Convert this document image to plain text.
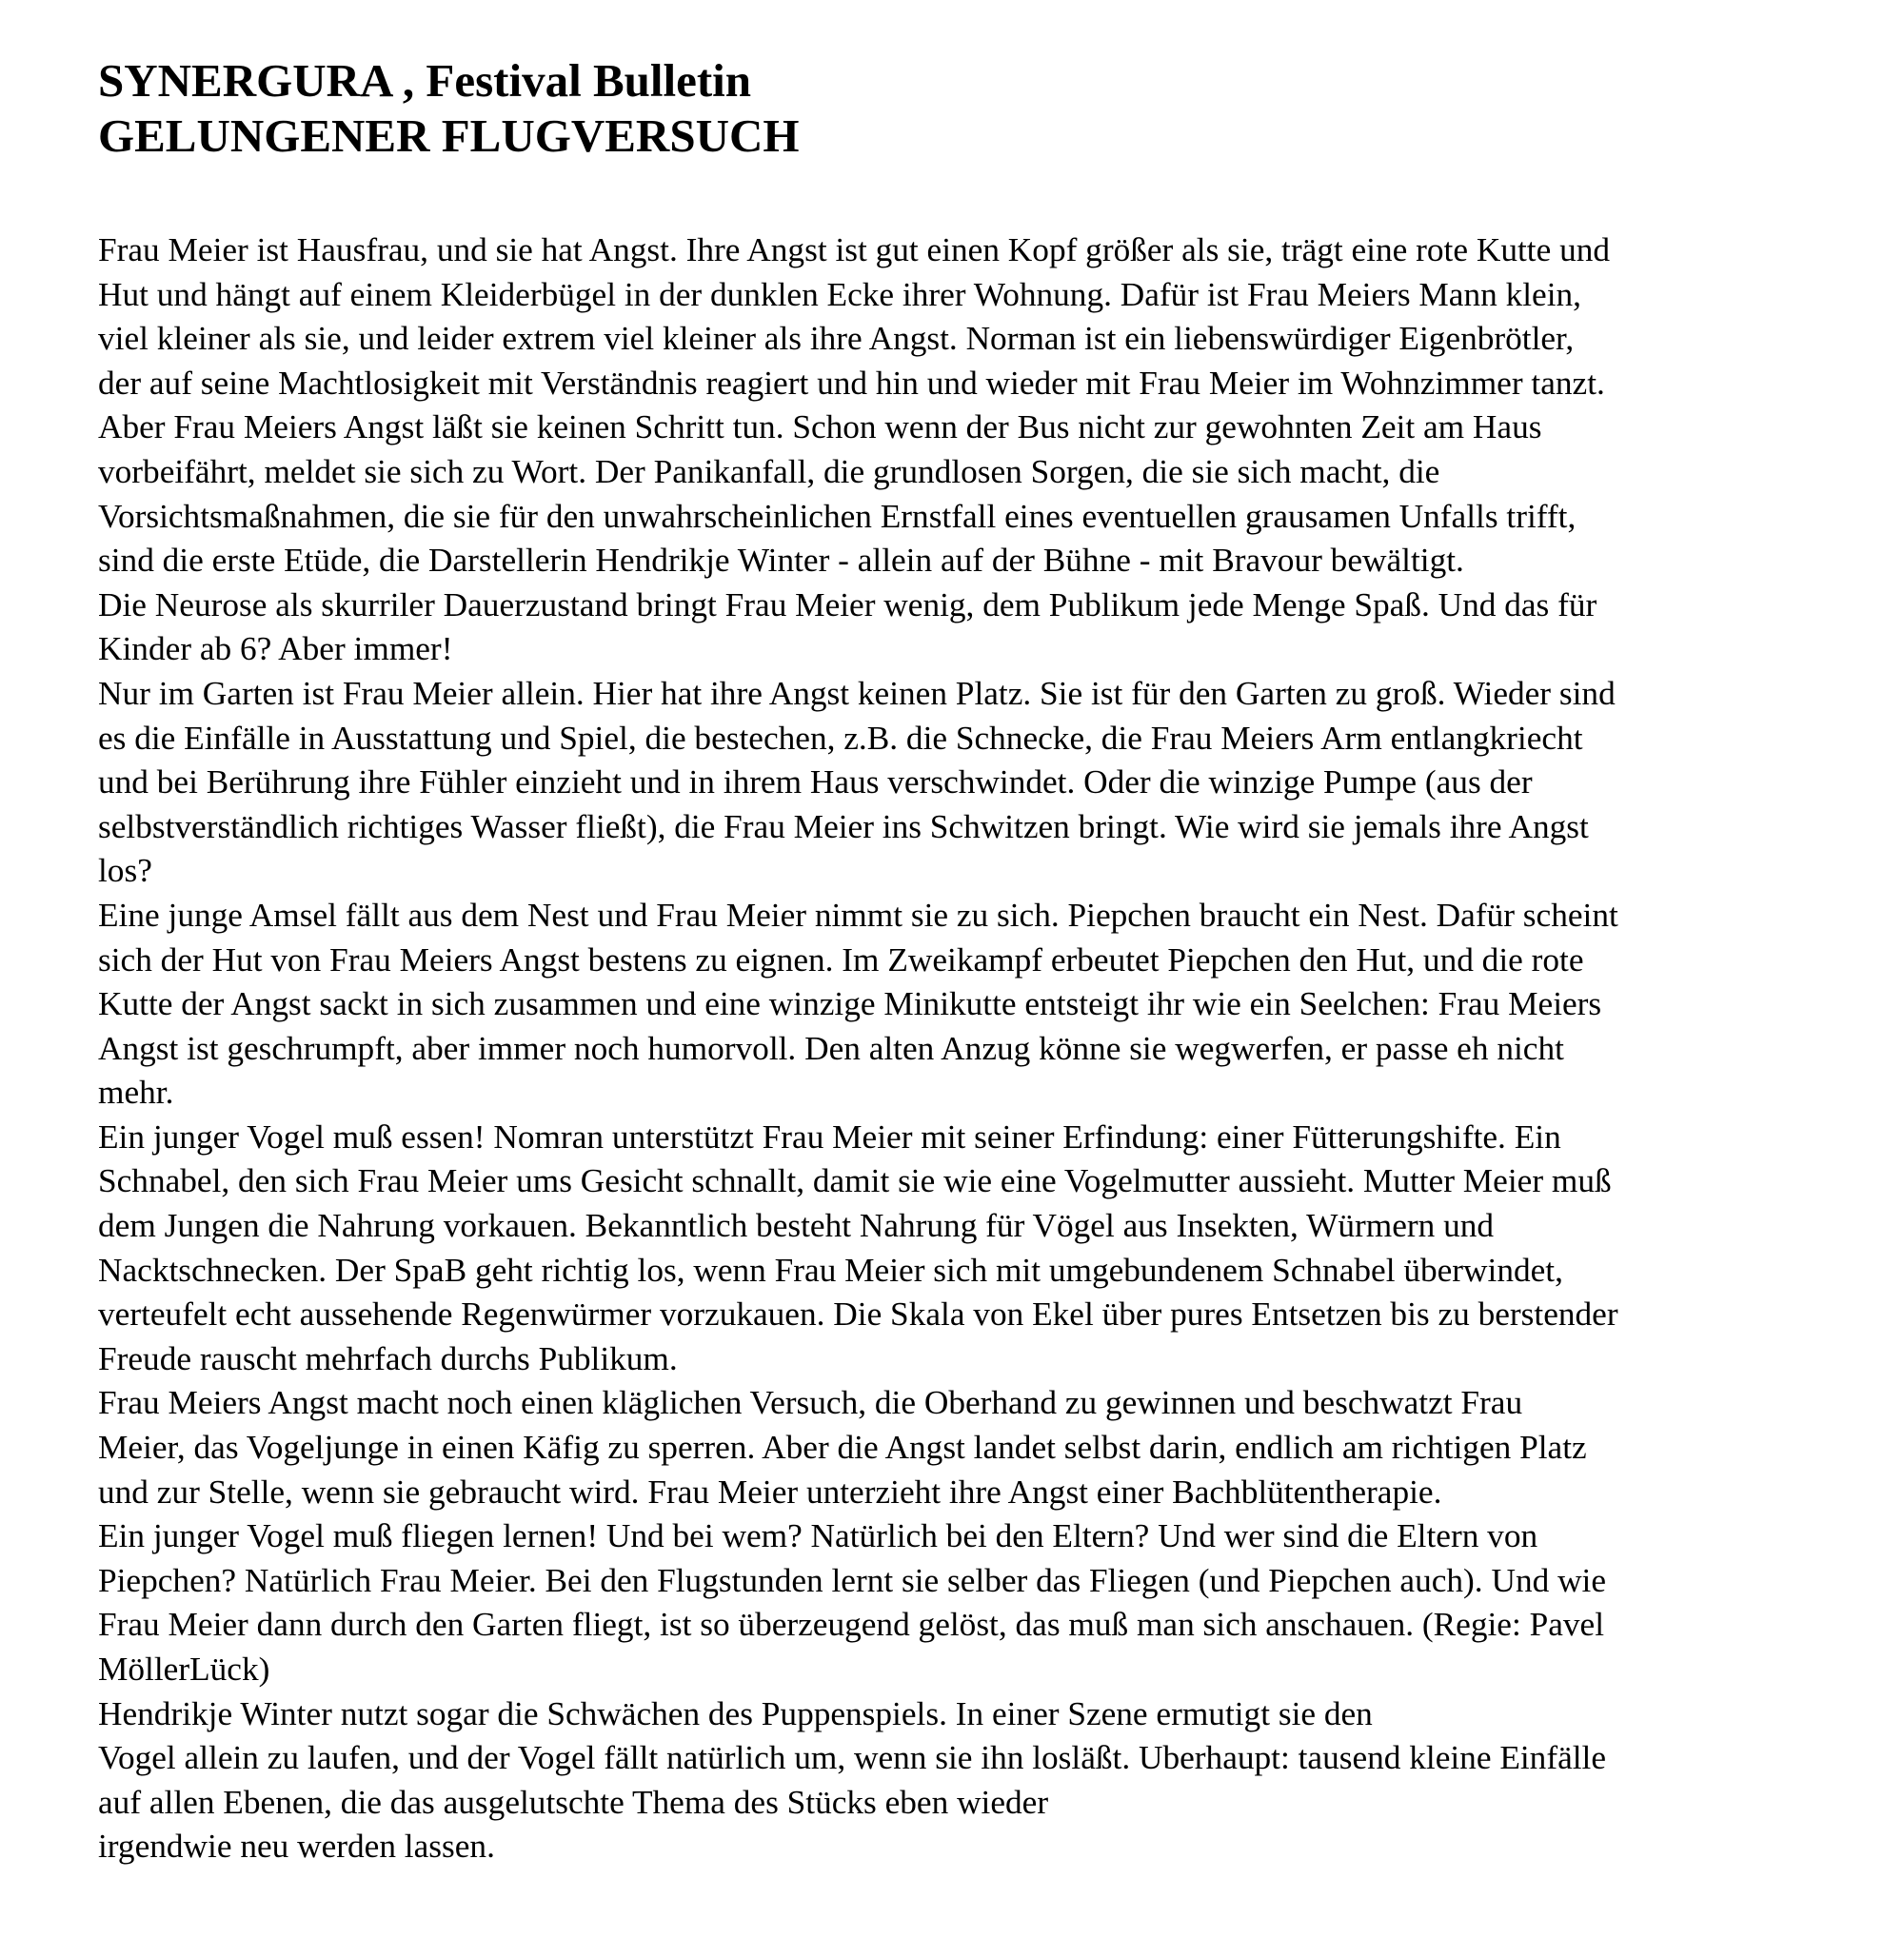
SYNERGURA , Festival Bulletin
GELUNGENER FLUGVERSUCH
Frau Meier ist Hausfrau, und sie hat Angst. Ihre Angst ist gut einen Kopf größer als sie, trägt eine rote Kutte und
Hut und hängt auf einem Kleiderbügel in der dunklen Ecke ihrer Wohnung. Dafür ist Frau Meiers Mann klein,
viel kleiner als sie, und leider extrem viel kleiner als ihre Angst. Norman ist ein liebenswürdiger Eigenbrötler,
der auf seine Machtlosigkeit mit Verständnis reagiert und hin und wieder mit Frau Meier im Wohnzimmer tanzt.
Aber Frau Meiers Angst läßt sie keinen Schritt tun. Schon wenn der Bus nicht zur gewohnten Zeit am Haus
vorbeifährt, meldet sie sich zu Wort. Der Panikanfall, die grundlosen Sorgen, die sie sich macht, die
Vorsichtsmaßnahmen, die sie für den unwahrscheinlichen Ernstfall eines eventuellen grausamen Unfalls trifft,
sind die erste Etüde, die Darstellerin Hendrikje Winter - allein auf der Bühne - mit Bravour bewältigt.
Die Neurose als skurriler Dauerzustand bringt Frau Meier wenig, dem Publikum jede Menge Spaß. Und das für
Kinder ab 6? Aber immer!
Nur im Garten ist Frau Meier allein. Hier hat ihre Angst keinen Platz. Sie ist für den Garten zu groß. Wieder sind
es die Einfälle in Ausstattung und Spiel, die bestechen, z.B. die Schnecke, die Frau Meiers Arm entlangkriecht
und bei Berührung ihre Fühler einzieht und in ihrem Haus verschwindet. Oder die winzige Pumpe (aus der
selbstverständlich richtiges Wasser fließt), die Frau Meier ins Schwitzen bringt. Wie wird sie jemals ihre Angst
los?
Eine junge Amsel fällt aus dem Nest und Frau Meier nimmt sie zu sich. Piepchen braucht ein Nest. Dafür scheint
sich der Hut von Frau Meiers Angst bestens zu eignen. Im Zweikampf erbeutet Piepchen den Hut, und die rote
Kutte der Angst sackt in sich zusammen und eine winzige Minikutte entsteigt ihr wie ein Seelchen: Frau Meiers
Angst ist geschrumpft, aber immer noch humorvoll. Den alten Anzug könne sie wegwerfen, er passe eh nicht
mehr.
Ein junger Vogel muß essen! Nomran unterstützt Frau Meier mit seiner Erfindung: einer Fütterungshifte. Ein
Schnabel, den sich Frau Meier ums Gesicht schnallt, damit sie wie eine Vogelmutter aussieht. Mutter Meier muß
dem Jungen die Nahrung vorkauen. Bekanntlich besteht Nahrung für Vögel aus Insekten, Würmern und
Nacktschnecken. Der SpaB geht richtig los, wenn Frau Meier sich mit umgebundenem Schnabel überwindet,
verteufelt echt aussehende Regenwürmer vorzukauen. Die Skala von Ekel über pures Entsetzen bis zu berstender
Freude rauscht mehrfach durchs Publikum.
Frau Meiers Angst macht noch einen kläglichen Versuch, die Oberhand zu gewinnen und beschwatzt Frau
Meier, das Vogeljunge in einen Käfig zu sperren. Aber die Angst landet selbst darin, endlich am richtigen Platz
und zur Stelle, wenn sie gebraucht wird. Frau Meier unterzieht ihre Angst einer Bachblütentherapie.
Ein junger Vogel muß fliegen lernen! Und bei wem? Natürlich bei den Eltern? Und wer sind die Eltern von
Piepchen? Natürlich Frau Meier. Bei den Flugstunden lernt sie selber das Fliegen (und Piepchen auch). Und wie
Frau Meier dann durch den Garten fliegt, ist so überzeugend gelöst, das muß man sich anschauen. (Regie: Pavel
MöllerLück)
Hendrikje Winter nutzt sogar die Schwächen des Puppenspiels. In einer Szene ermutigt sie den
Vogel allein zu laufen, und der Vogel fällt natürlich um, wenn sie ihn losläßt. Uberhaupt: tausend kleine Einfälle
auf allen Ebenen, die das ausgelutschte Thema des Stücks eben wieder
irgendwie neu werden lassen.
